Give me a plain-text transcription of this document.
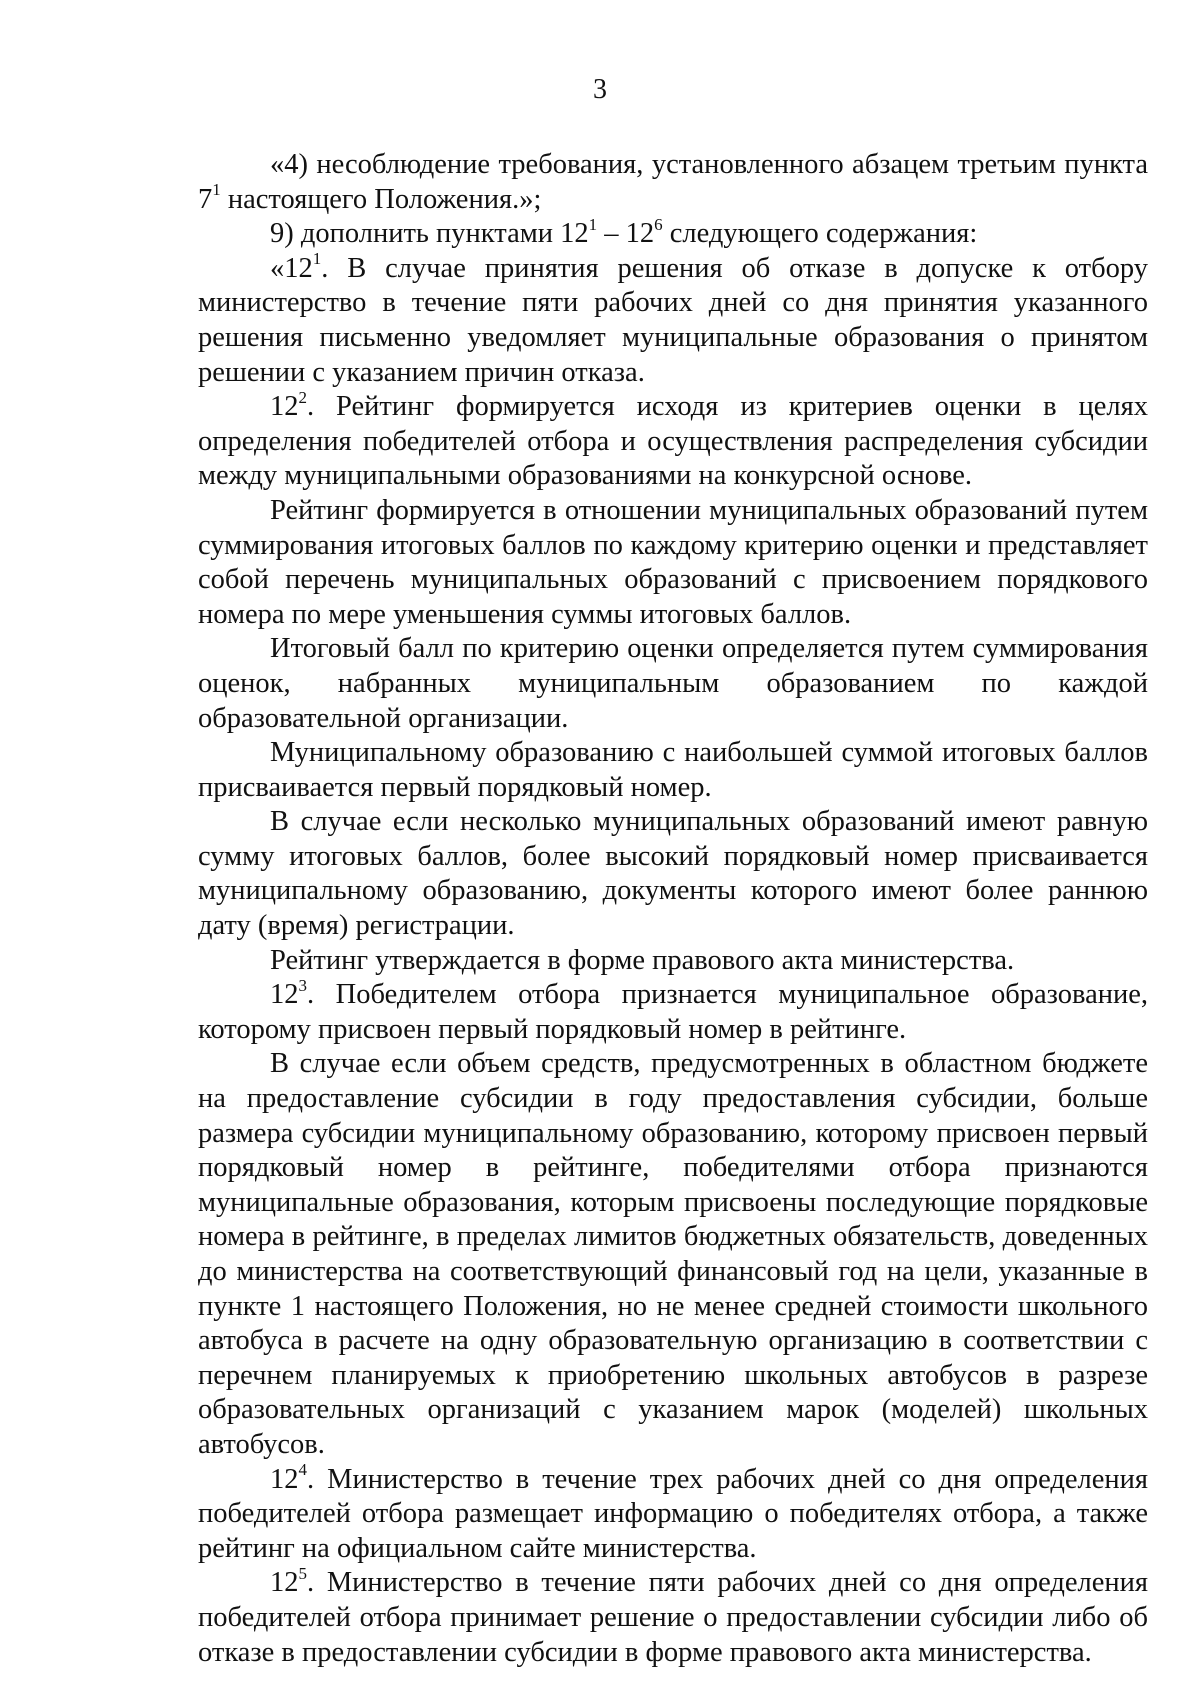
3

«4) несоблюдение требования, установленного абзацем третьим пункта $7^1$ настоящего Положения.»;

9) дополнить пунктами $12^1 - 12^6$ следующего содержания:

«$12^1$. В случае принятия решения об отказе в допуске к отбору министерство в течение пяти рабочих дней со дня принятия указанного решения письменно уведомляет муниципальные образования о принятом решении с указанием причин отказа.

$12^2$. Рейтинг формируется исходя из критериев оценки в целях определения победителей отбора и осуществления распределения субсидии между муниципальными образованиями на конкурсной основе.

Рейтинг формируется в отношении муниципальных образований путем суммирования итоговых баллов по каждому критерию оценки и представляет собой перечень муниципальных образований с присвоением порядкового номера по мере уменьшения суммы итоговых баллов.

Итоговый балл по критерию оценки определяется путем суммирования оценок, набранных муниципальным образованием по каждой образовательной организации.

Муниципальному образованию с наибольшей суммой итоговых баллов присваивается первый порядковый номер.

В случае если несколько муниципальных образований имеют равную сумму итоговых баллов, более высокий порядковый номер присваивается муниципальному образованию, документы которого имеют более раннюю дату (время) регистрации.

Рейтинг утверждается в форме правового акта министерства.

$12^3$. Победителем отбора признается муниципальное образование, которому присвоен первый порядковый номер в рейтинге.

В случае если объем средств, предусмотренных в областном бюджете на предоставление субсидии в году предоставления субсидии, больше размера субсидии муниципальному образованию, которому присвоен первый порядковый номер в рейтинге, победителями отбора признаются муниципальные образования, которым присвоены последующие порядковые номера в рейтинге, в пределах лимитов бюджетных обязательств, доведенных до министерства на соответствующий финансовый год на цели, указанные в пункте 1 настоящего Положения, но не менее средней стоимости школьного автобуса в расчете на одну образовательную организацию в соответствии с перечнем планируемых к приобретению школьных автобусов в разрезе образовательных организаций с указанием марок (моделей) школьных автобусов.

$12^4$. Министерство в течение трех рабочих дней со дня определения победителей отбора размещает информацию о победителях отбора, а также рейтинг на официальном сайте министерства.

$12^5$. Министерство в течение пяти рабочих дней со дня определения победителей отбора принимает решение о предоставлении субсидии либо об отказе в предоставлении субсидии в форме правового акта министерства.
